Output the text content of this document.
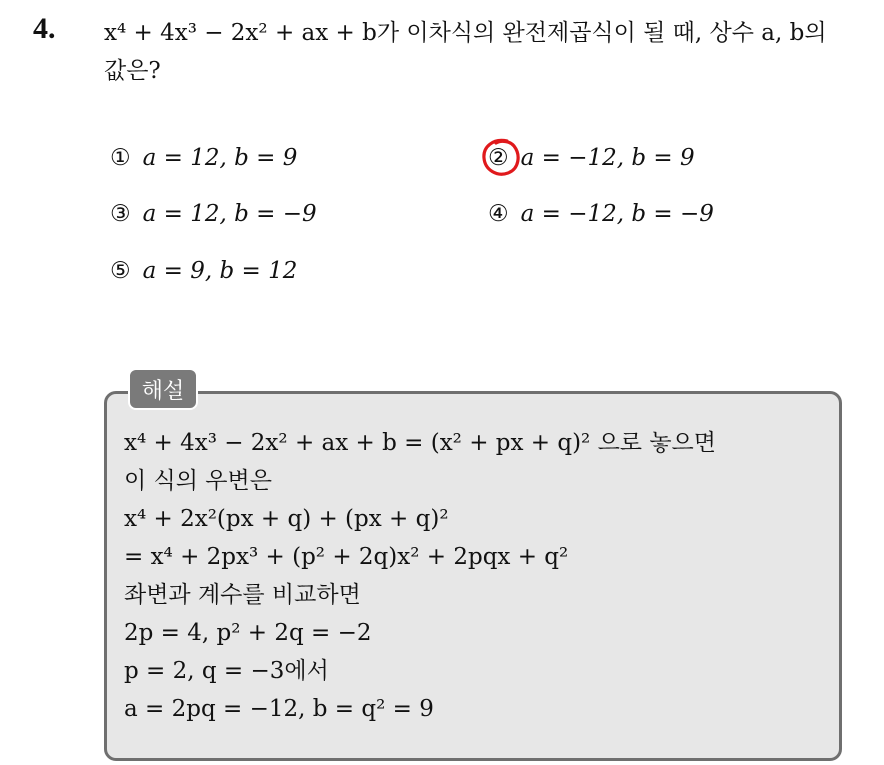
4. x⁴ + 4x³ − 2x² + ax + b가 이차식의 완전제곱식이 될 때, 상수 a, b의
값은?
① a = 12, b = 9	② a = −12, b = 9
③ a = 12, b = −9	④ a = −12, b = −9
⑤ a = 9, b = 12
해설
x⁴ + 4x³ − 2x² + ax + b = (x² + px + q)² 으로 놓으면
이 식의 우변은
x⁴ + 2x²(px + q) + (px + q)²
= x⁴ + 2px³ + (p² + 2q)x² + 2pqx + q²
좌변과 계수를 비교하면
2p = 4, p² + 2q = −2
p = 2, q = −3에서
a = 2pq = −12, b = q² = 9
